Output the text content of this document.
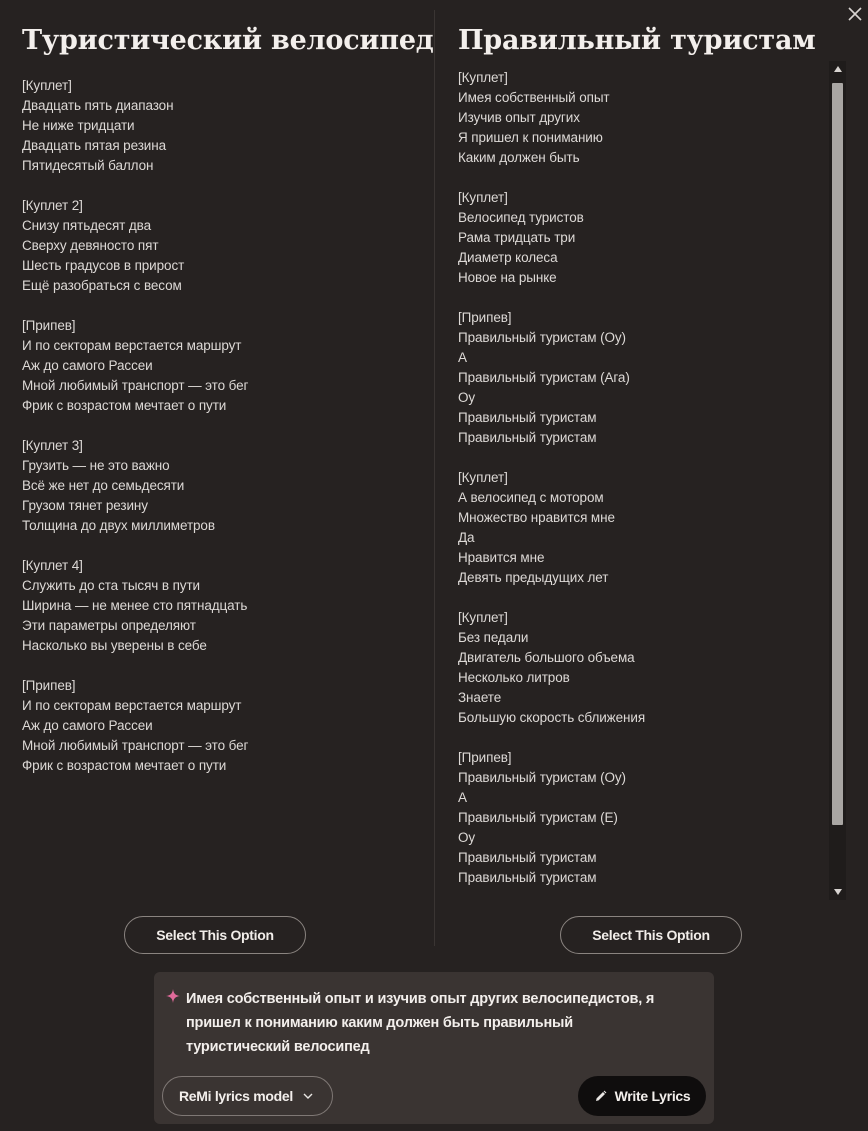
Туристический велосипед
[Куплет]
Двадцать пять диапазон
Не ниже тридцати
Двадцать пятая резина
Пятидесятый баллон
[Куплет 2]
Снизу пятьдесят два
Сверху девяносто пят
Шесть градусов в прирост
Ещё разобраться с весом
[Припев]
И по секторам верстается маршрут
Аж до самого Рассеи
Мной любимый транспорт — это бег
Фрик с возрастом мечтает о пути
[Куплет 3]
Грузить — не это важно
Всё же нет до семьдесяти
Грузом тянет резину
Толщина до двух миллиметров
[Куплет 4]
Служить до ста тысяч в пути
Ширина — не менее сто пятнадцать
Эти параметры определяют
Насколько вы уверены в себе
[Припев]
И по секторам верстается маршрут
Аж до самого Рассеи
Мной любимый транспорт — это бег
Фрик с возрастом мечтает о пути
Правильный туристам
[Куплет]
Имея собственный опыт
Изучив опыт других
Я пришел к пониманию
Каким должен быть
[Куплет]
Велосипед туристов
Рама тридцать три
Диаметр колеса
Новое на рынке
[Припев]
Правильный туристам (Оу)
А
Правильный туристам (Ага)
Оу
Правильный туристам
Правильный туристам
[Куплет]
А велосипед с мотором
Множество нравится мне
Да
Нравится мне
Девять предыдущих лет
[Куплет]
Без педали
Двигатель большого объема
Несколько литров
Знаете
Большую скорость сближения
[Припев]
Правильный туристам (Оу)
А
Правильный туристам (Е)
Оу
Правильный туристам
Правильный туристам
Select This Option	Select This Option
Имея собственный опыт и изучив опыт других велосипедистов, я пришел к пониманию каким должен быть правильный туристический велосипед
ReMi lyrics model	Write Lyrics
